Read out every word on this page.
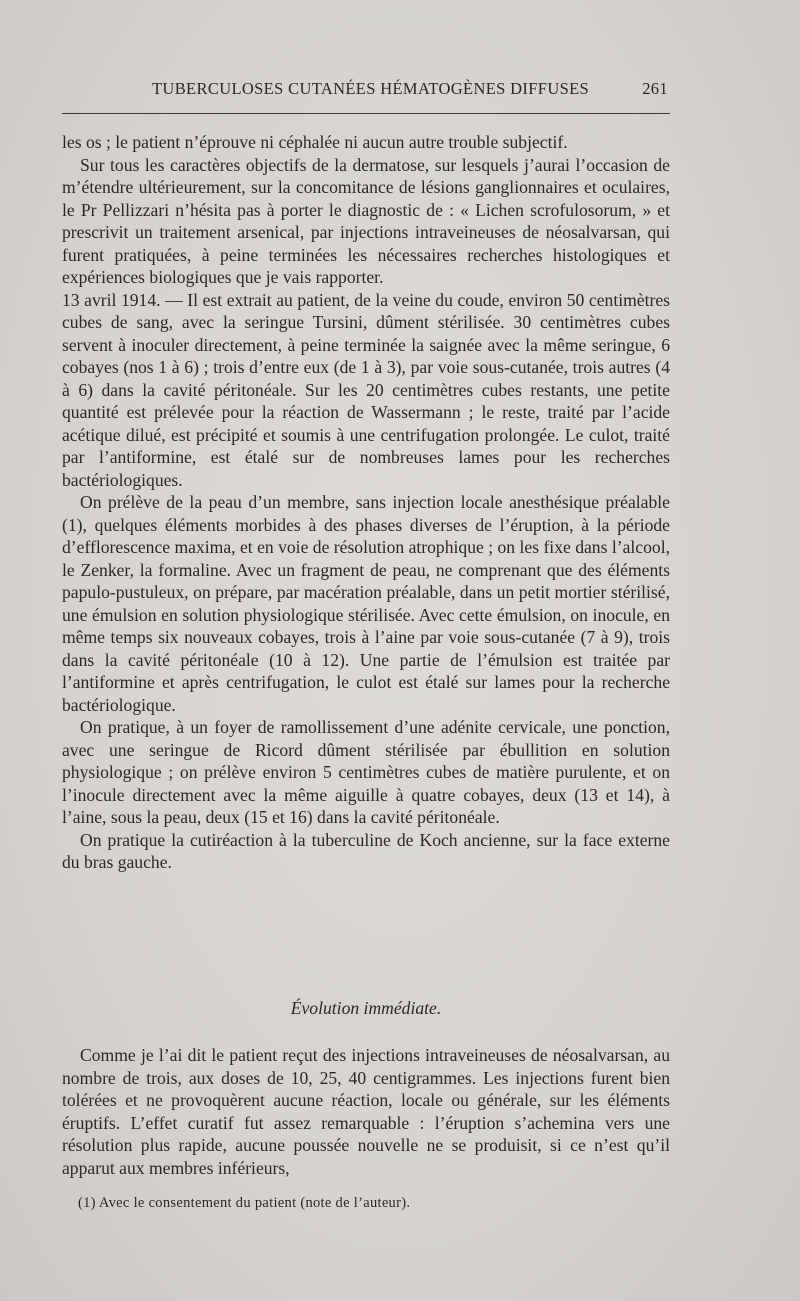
TUBERCULOSES CUTANÉES HÉMATOGÈNES DIFFUSES	261

les os ; le patient n’éprouve ni céphalée ni aucun autre trouble subjectif.

Sur tous les caractères objectifs de la dermatose, sur lesquels j’aurai l’occasion de m’étendre ultérieurement, sur la concomitance de lésions ganglionnaires et oculaires, le Pr Pellizzari n’hésita pas à porter le diagnostic de : « Lichen scrofulosorum, » et prescrivit un traitement arsenical, par injections intraveineuses de néosalvarsan, qui furent pratiquées, à peine terminées les nécessaires recherches histologiques et expériences biologiques que je vais rapporter.

13 avril 1914. — Il est extrait au patient, de la veine du coude, environ 50 centimètres cubes de sang, avec la seringue Tursini, dûment stérilisée. 30 centimètres cubes servent à inoculer directement, à peine terminée la saignée avec la même seringue, 6 cobayes (nos 1 à 6) ; trois d’entre eux (de 1 à 3), par voie sous-cutanée, trois autres (4 à 6) dans la cavité péritonéale. Sur les 20 centimètres cubes restants, une petite quantité est prélevée pour la réaction de Wassermann ; le reste, traité par l’acide acétique dilué, est précipité et soumis à une centrifugation prolongée. Le culot, traité par l’antiformine, est étalé sur de nombreuses lames pour les recherches bactériologiques.

On prélève de la peau d’un membre, sans injection locale anesthésique préalable (1), quelques éléments morbides à des phases diverses de l’éruption, à la période d’efflorescence maxima, et en voie de résolution atrophique ; on les fixe dans l’alcool, le Zenker, la formaline. Avec un fragment de peau, ne comprenant que des éléments papulo-pustuleux, on prépare, par macération préalable, dans un petit mortier stérilisé, une émulsion en solution physiologique stérilisée. Avec cette émulsion, on inocule, en même temps six nouveaux cobayes, trois à l’aine par voie sous-cutanée (7 à 9), trois dans la cavité péritonéale (10 à 12). Une partie de l’émulsion est traitée par l’antiformine et après centrifugation, le culot est étalé sur lames pour la recherche bactériologique.

On pratique, à un foyer de ramollissement d’une adénite cervicale, une ponction, avec une seringue de Ricord dûment stérilisée par ébullition en solution physiologique ; on prélève environ 5 centimètres cubes de matière purulente, et on l’inocule directement avec la même aiguille à quatre cobayes, deux (13 et 14), à l’aine, sous la peau, deux (15 et 16) dans la cavité péritonéale.

On pratique la cutiréaction à la tuberculine de Koch ancienne, sur la face externe du bras gauche.

Évolution immédiate.

Comme je l’ai dit le patient reçut des injections intraveineuses de néosalvarsan, au nombre de trois, aux doses de 10, 25, 40 centigrammes. Les injections furent bien tolérées et ne provoquèrent aucune réaction, locale ou générale, sur les éléments éruptifs. L’effet curatif fut assez remarquable : l’éruption s’achemina vers une résolution plus rapide, aucune poussée nouvelle ne se produisit, si ce n’est qu’il apparut aux membres inférieurs,

(1) Avec le consentement du patient (note de l’auteur).
